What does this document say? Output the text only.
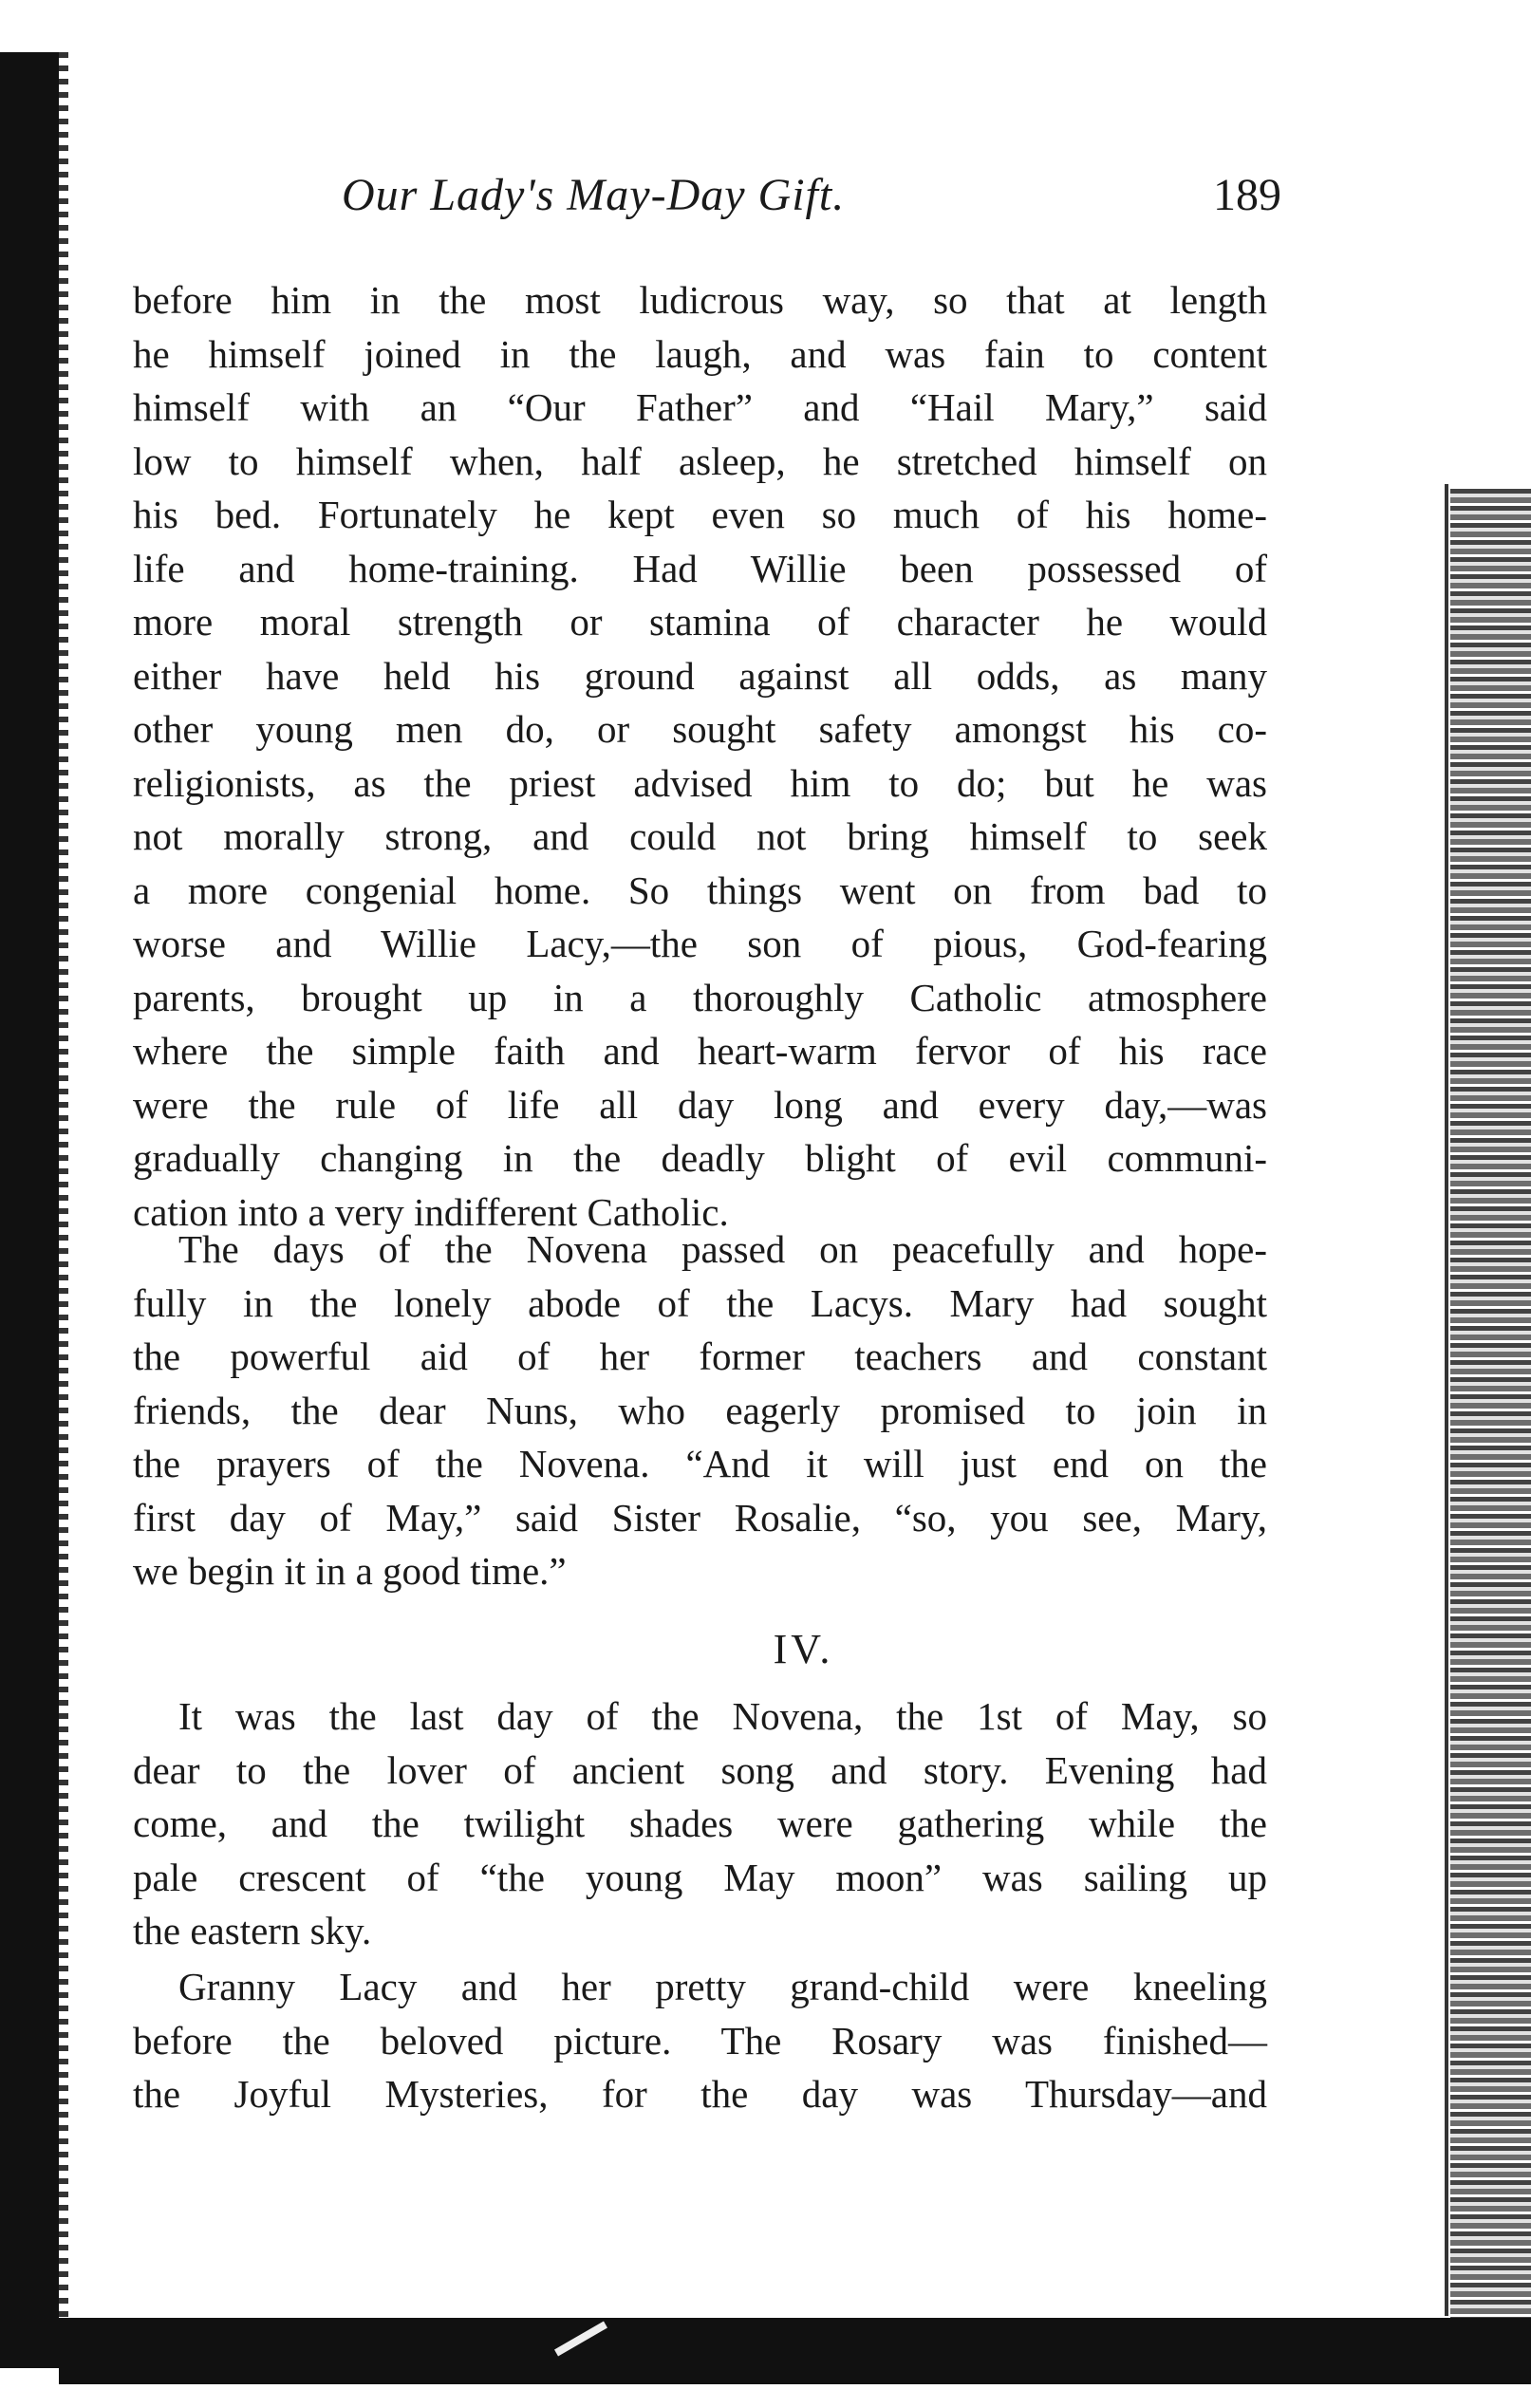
Our Lady's May-Day Gift.	189
before him in the most ludicrous way, so that at length
he himself joined in the laugh, and was fain to content
himself with an “Our Father” and “Hail Mary,” said
low to himself when, half asleep, he stretched himself on
his bed. Fortunately he kept even so much of his home-
life and home-training. Had Willie been possessed of
more moral strength or stamina of character he would
either have held his ground against all odds, as many
other young men do, or sought safety amongst his co-
religionists, as the priest advised him to do; but he was
not morally strong, and could not bring himself to seek
a more congenial home. So things went on from bad to
worse and Willie Lacy,—the son of pious, God-fearing
parents, brought up in a thoroughly Catholic atmosphere
where the simple faith and heart-warm fervor of his race
were the rule of life all day long and every day,—was
gradually changing in the deadly blight of evil communi-
cation into a very indifferent Catholic.
The days of the Novena passed on peacefully and hope-
fully in the lonely abode of the Lacys. Mary had sought
the powerful aid of her former teachers and constant
friends, the dear Nuns, who eagerly promised to join in
the prayers of the Novena. “And it will just end on the
first day of May,” said Sister Rosalie, “so, you see, Mary,
we begin it in a good time.”
IV.
It was the last day of the Novena, the 1st of May, so
dear to the lover of ancient song and story. Evening had
come, and the twilight shades were gathering while the
pale crescent of “the young May moon” was sailing up
the eastern sky.
Granny Lacy and her pretty grand-child were kneeling
before the beloved picture. The Rosary was finished—
the Joyful Mysteries, for the day was Thursday—and
